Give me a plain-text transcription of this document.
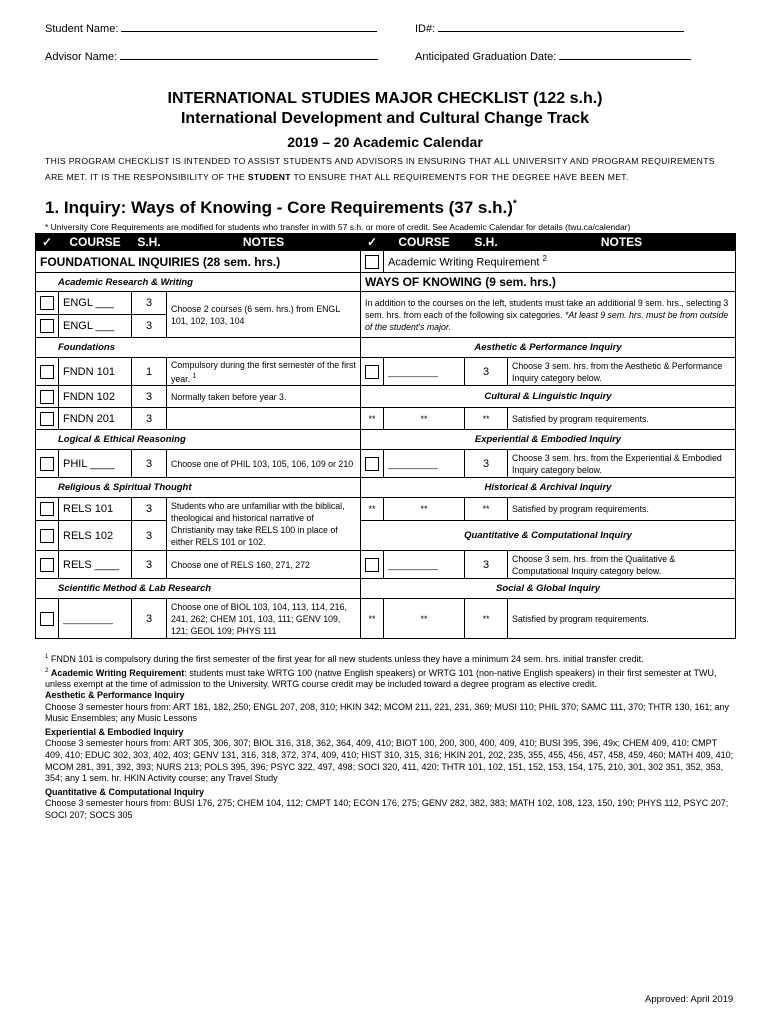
Student Name:	ID#:
Advisor Name:	Anticipated Graduation Date:
INTERNATIONAL STUDIES MAJOR CHECKLIST (122 s.h.)
International Development and Cultural Change Track
2019 – 20 Academic Calendar
THIS PROGRAM CHECKLIST IS INTENDED TO ASSIST STUDENTS AND ADVISORS IN ENSURING THAT ALL UNIVERSITY AND PROGRAM REQUIREMENTS ARE MET. IT IS THE RESPONSIBILITY OF THE STUDENT TO ENSURE THAT ALL REQUIREMENTS FOR THE DEGREE HAVE BEEN MET.
1. Inquiry: Ways of Knowing - Core Requirements (37 s.h.)*
* University Core Requirements are modified for students who transfer in with 57 s.h. or more of credit. See Academic Calendar for details (twu.ca/calendar)
✓	COURSE	S.H.	NOTES	✓	COURSE	S.H.	NOTES
FOUNDATIONAL INQUIRIES (28 sem. hrs.)					Academic Writing Requirement $^2$
Academic Research & Writing				WAYS OF KNOWING (9 sem. hrs.)			
	ENGL ___	3	Choose 2 courses (6 sem. hrs.) from ENGL 101, 102, 103, 104	In addition to the courses on the left, students must take an additional 9 sem. hrs., selecting 3 sem. hrs. from each of the following six categories. *At least 9 sem. hrs. must be from outside of the student's major.			
	ENGL ___	3					
Foundations				Aesthetic & Performance Inquiry			
	FNDN 101	1	Compulsory during the first semester of the first year. $^1$		__________	3	Choose 3 sem. hrs. from the Aesthetic & Performance Inquiry category below.
	FNDN 102	3	Normally taken before year 3.	Cultural & Linguistic Inquiry			
	FNDN 201	3		**	**	**	Satisfied by program requirements.
Logical & Ethical Reasoning				Experiential & Embodied Inquiry			
	PHIL ____	3	Choose one of PHIL 103, 105, 106, 109 or 210		__________	3	Choose 3 sem. hrs. from the Experiential & Embodied Inquiry category below.
Religious & Spiritual Thought				Historical & Archival Inquiry			
	RELS 101	3	Students who are unfamiliar with the biblical, theological and historical narrative of Christianity may take RELS 100 in place of either RELS 101 or 102.	**	**	**	Satisfied by program requirements.
	RELS 102	3		Quantitative & Computational Inquiry			
	RELS ____	3	Choose one of RELS 160, 271, 272		__________	3	Choose 3 sem. hrs. from the Qualitative & Computational Inquiry category below.
Scientific Method & Lab Research				Social & Global Inquiry			
	__________	3	Choose one of BIOL 103, 104, 113, 114, 216, 241, 262; CHEM 101, 103, 111; GENV 109, 121; GEOL 109; PHYS 111	**	**	**	Satisfied by program requirements.
$^1$ FNDN 101 is compulsory during the first semester of the first year for all new students unless they have a minimum 24 sem. hrs. initial transfer credit.
$^2$ Academic Writing Requirement: students must take WRTG 100 (native English speakers) or WRTG 101 (non-native English speakers) in their first semester at TWU, unless exempt at the time of admission to the University. WRTG course credit may be included toward a degree program as elective credit.
Aesthetic & Performance Inquiry
Choose 3 semester hours from: ART 181, 182, 250; ENGL 207, 208, 310; HKIN 342; MCOM 211, 221, 231, 369; MUSI 110; PHIL 370; SAMC 111, 370; THTR 130, 161; any Music Ensembles; any Music Lessons
Experiential & Embodied Inquiry
Choose 3 semester hours from: ART 305, 306, 307; BIOL 316, 318, 362, 364, 409, 410; BIOT 100, 200, 300, 400, 409, 410; BUSI 395, 396, 49x; CHEM 409, 410; CMPT 409, 410; EDUC 302, 303, 402, 403; GENV 131, 316, 318, 372, 374, 409, 410; HIST 310, 315, 316; HKIN 201, 202, 235, 355, 455, 456, 457, 458, 459, 460; MATH 409, 410; MCOM 281, 391, 392, 393; NURS 213; POLS 395, 396; PSYC 322, 497, 498; SOCI 320, 411, 420; THTR 101, 102, 151, 152, 153, 154, 175, 210, 301, 302 351, 352, 353, 354; any 1 sem. hr. HKIN Activity course; any Travel Study
Quantitative & Computational Inquiry
Choose 3 semester hours from: BUSI 176, 275; CHEM 104, 112; CMPT 140; ECON 176, 275; GENV 282, 382, 383; MATH 102, 108, 123, 150, 190; PHYS 112, PSYC 207; SOCI 207; SOCS 305
Approved: April 2019
